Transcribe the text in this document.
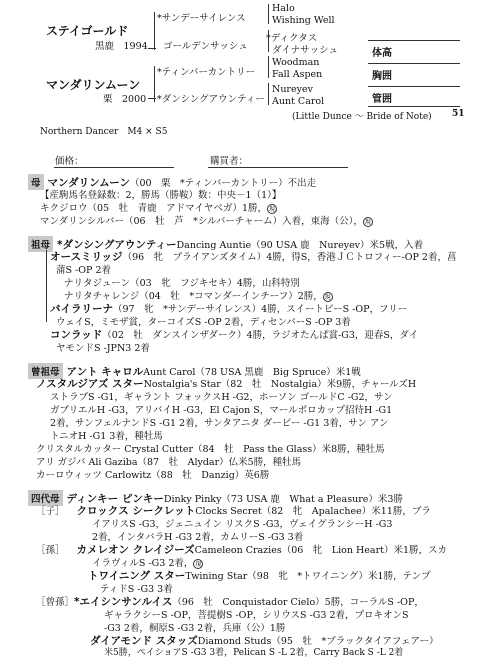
ステイゴールド
黒鹿　1994
マンダリンムーン
栗　2000
*サンデーサイレンス
ゴールデンサッシュ
*ティンバーカントリー
*ダンシングアウンティー
Halo
Wishing Well
*ディクタス
ダイナサッシュ
Woodman
Fall Aspen
Nureyev
Aunt Carol
体高
胸囲
管囲
(Little Dunce 〜 Bride of Note) 51
Northern Dancer　M4 × S5
価格：	購買者：
母 マンダリンムーン（00　栗　*ティンバーカントリー）不出走
【産駒馬名登録数：2，勝馬（勝鞍）数：中央－1（1）】
キクジロウ（05　牡　青鹿　アドマイヤベガ）1勝， 現
マンダリンシルバー（06　牡　芦　*シルバーチャーム）入着，東海（公）， 現
祖母 *ダンシングアウンティーDancing Auntie（90 USA 鹿　Nureyev）米5戦，入着
オースミリッジ（96　牝　ブライアンズタイム）4勝，得S，香港ＪＣトロフィー-OP 2着，菖
蒲S -OP 2着
ナリタジューン（03　牝　フジキセキ）4勝，山科特別
ナリタチャレンジ（04　牡　*コマンダーインチーフ）2勝， 現
バイラリーナ（97　牝　*サンデーサイレンス）4勝，スイートピーS -OP，フリー
ウェイS，ミモザ賞，ターコイズS -OP 2着，ディセンバーS -OP 3着
コンラッド（02　牡　ダンスインザダーク）4勝，ラジオたんぱ賞-G3，迎春S，ダイ
ヤモンドS -JPN3 2着
曾祖母 アント キャロルAunt Carol（78 USA 黒鹿　Big Spruce）米1戦
ノスタルジアズ スターNostalgia's Star（82　牡　Nostalgia）米9勝，チャールズH
ストラブS -G1，ギャラント フォックスH -G2，ホーソン ゴールドC -G2，サン
ガブリエルH -G3，アリバイH -G3，El Cajon S，マールボロカップ招待H -G1
2着，サンフェルナンドS -G1 2着，サンタアニタ ダービー -G1 3着，サン アン
トニオH -G1 3着，種牡馬
クリスタルカッター Crystal Cutter（84　牡　Pass the Glass）米8勝，種牡馬
アリ ガジバ Ali Gaziba（87　牡　Alydar）仏米5勝，種牡馬
カーロウィッツ Carlowitz（88　牡　Danzig）英6勝
四代母 ディンキー ピンキーDinky Pinky（73 USA 鹿　What a Pleasure）米3勝
［子］ クロックス シークレットClocks Secret（82　牝　Apalachee）米11勝，ブラ
イアリスS -G3，ジェニュイン リスクS -G3，ヴェイグランシーH -G3
2着，インタバラH -G3 2着，カムリーS -G3 3着
［孫］ カメレオン クレイジーズCameleon Crazies（06　牝　Lion Heart）米1勝，スカ
イラヴィルS -G3 2着， 現
トワイニング スターTwining Star（98　牝　*トワイニング）米1勝，テンプ
ティドS -G3 3着
［曾孫］*エイシンサンルイス（96　牡　Conquistador Cielo）5勝，コーラルS -OP，
ギャラクシーS -OP，菩提樹S -OP，シリウスS -G3 2着，プロキオンS
-G3 2着，桐原S -G3 2着，兵庫（公）1勝
ダイアモンド スタッズDiamond Studs（95　牡　*ブラックタイアフェアー）
米5勝，ペイショアS -G3 3着，Pelican S -L 2着，Carry Back S -L 2着
